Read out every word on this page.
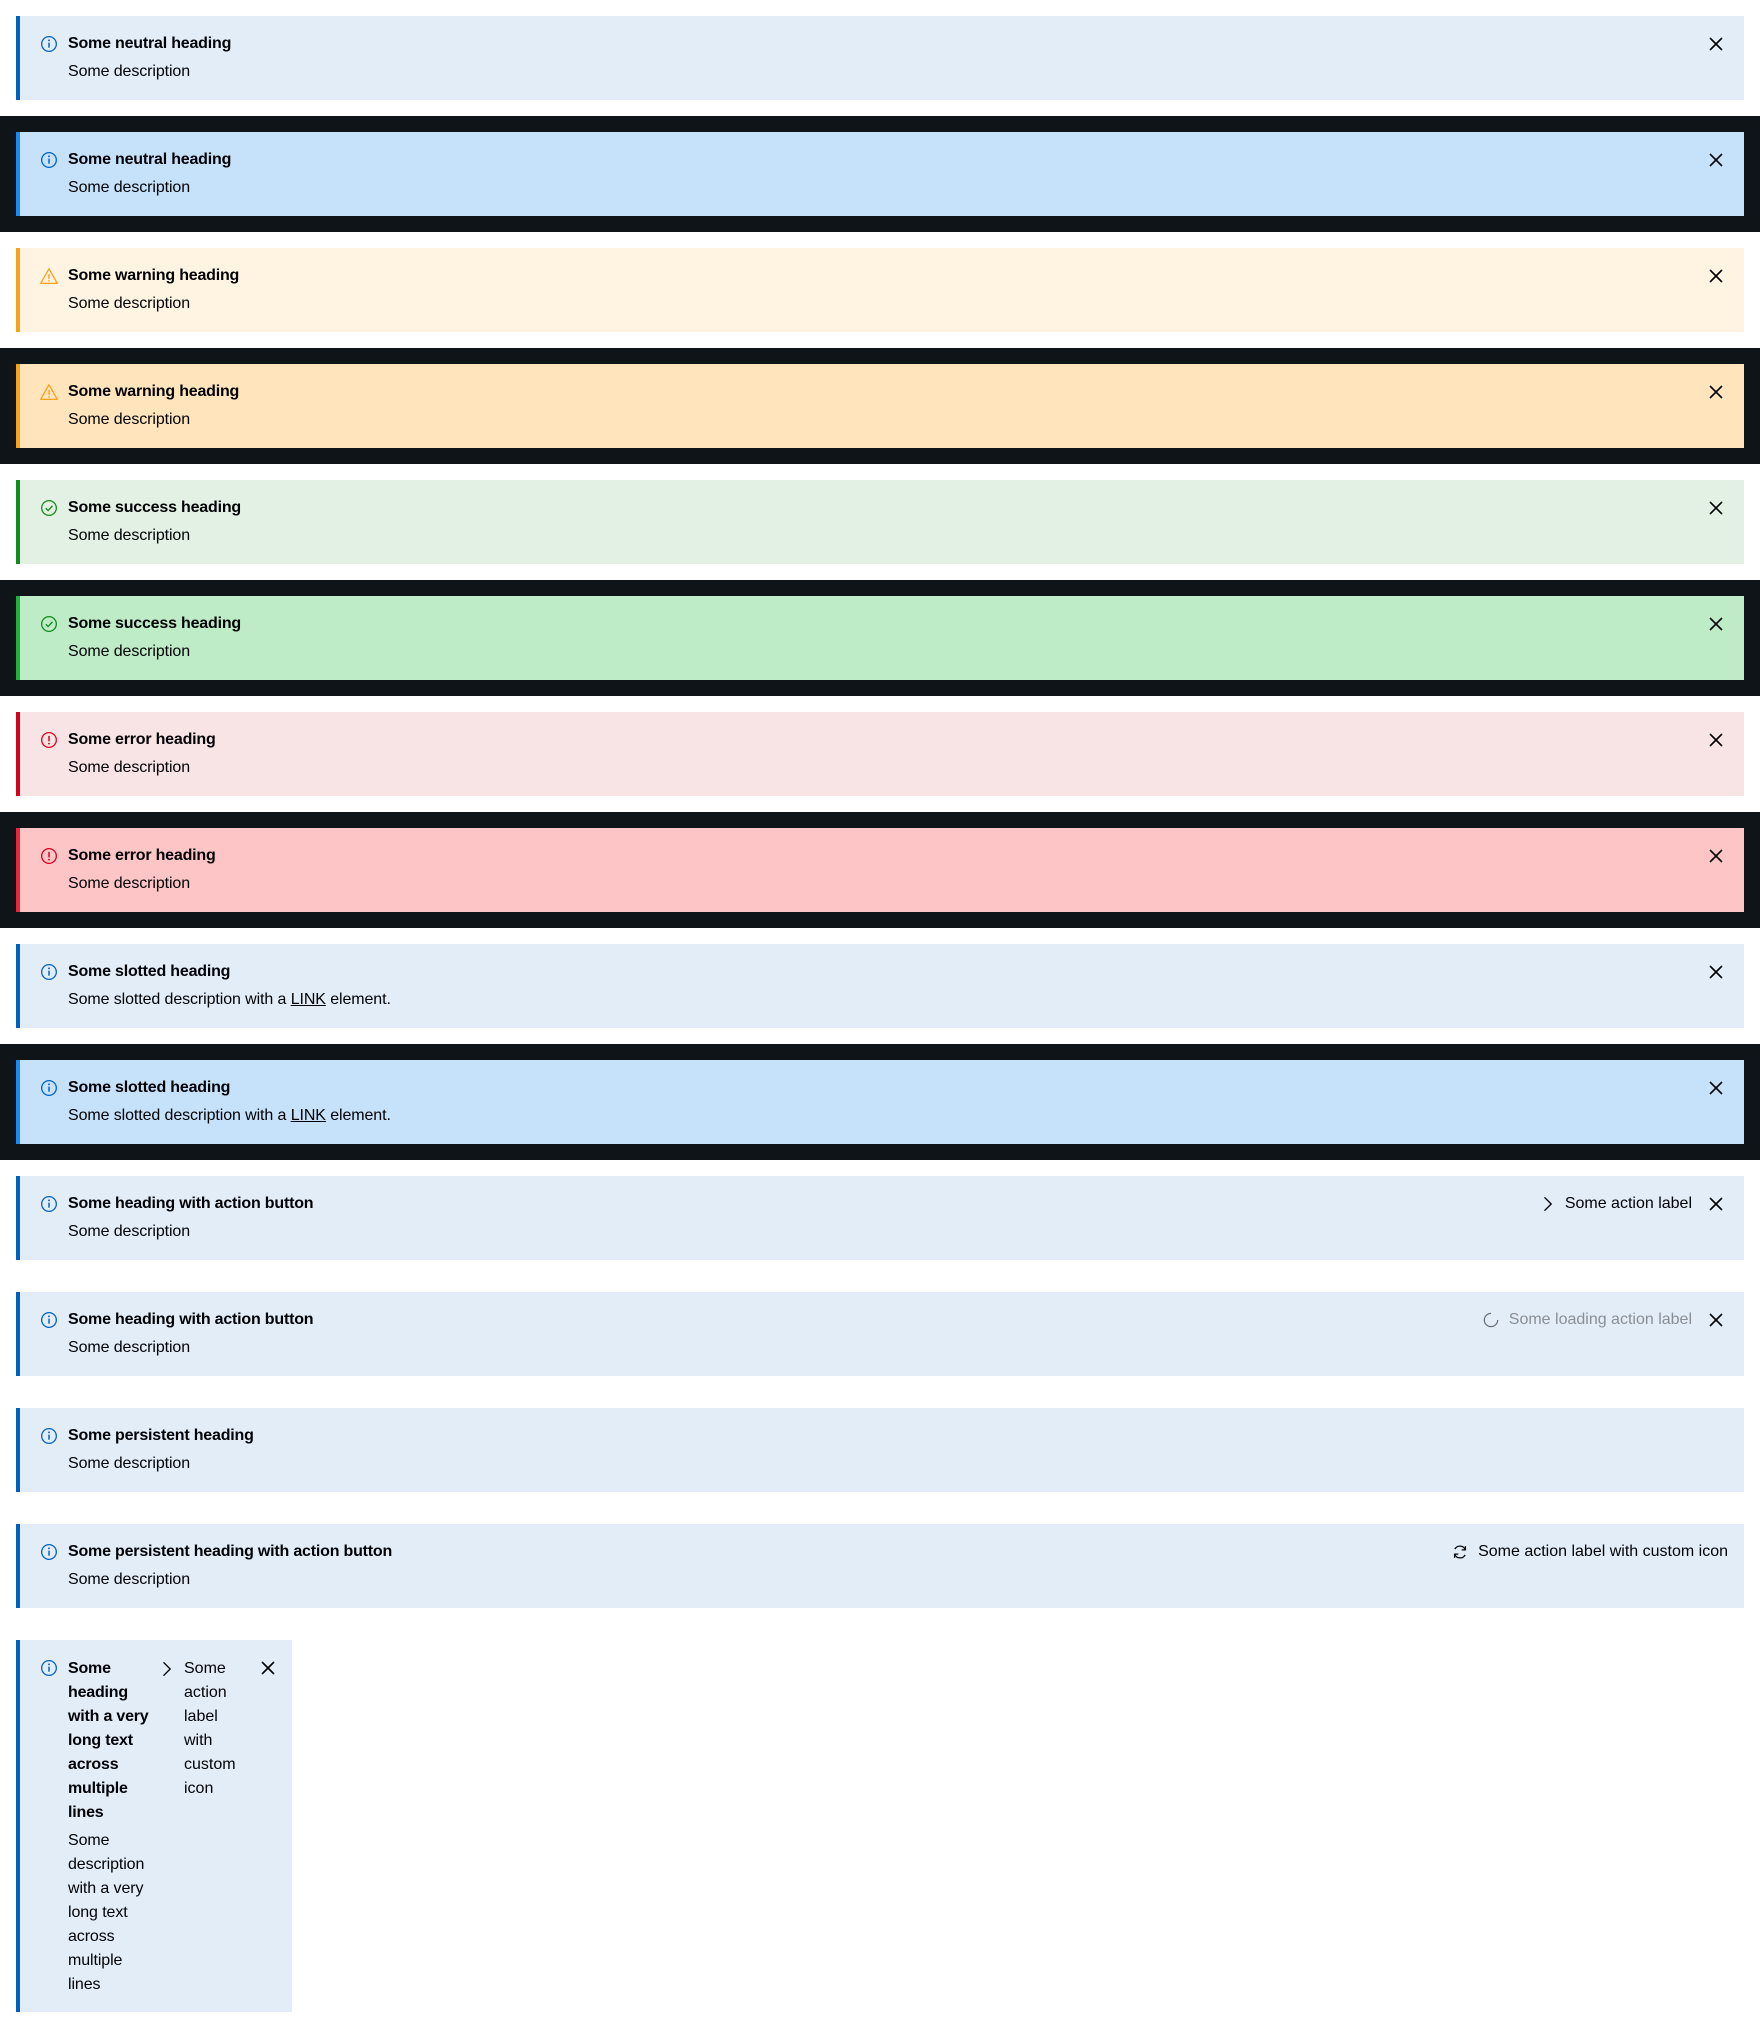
Some neutral heading
Some description
Some neutral heading
Some description
Some warning heading
Some description
Some warning heading
Some description
Some success heading
Some description
Some success heading
Some description
Some error heading
Some description
Some error heading
Some description
Some slotted heading
Some slotted description with a LINK element.
Some slotted heading
Some slotted description with a LINK element.
Some heading with action button
Some description
Some action label
Some heading with action button
Some description
Some loading action label
Some persistent heading
Some description
Some persistent heading with action button
Some description
Some action label with custom icon
Some heading with a very long text across multiple lines
Some description with a very long text across multiple lines
Some action label with custom icon
